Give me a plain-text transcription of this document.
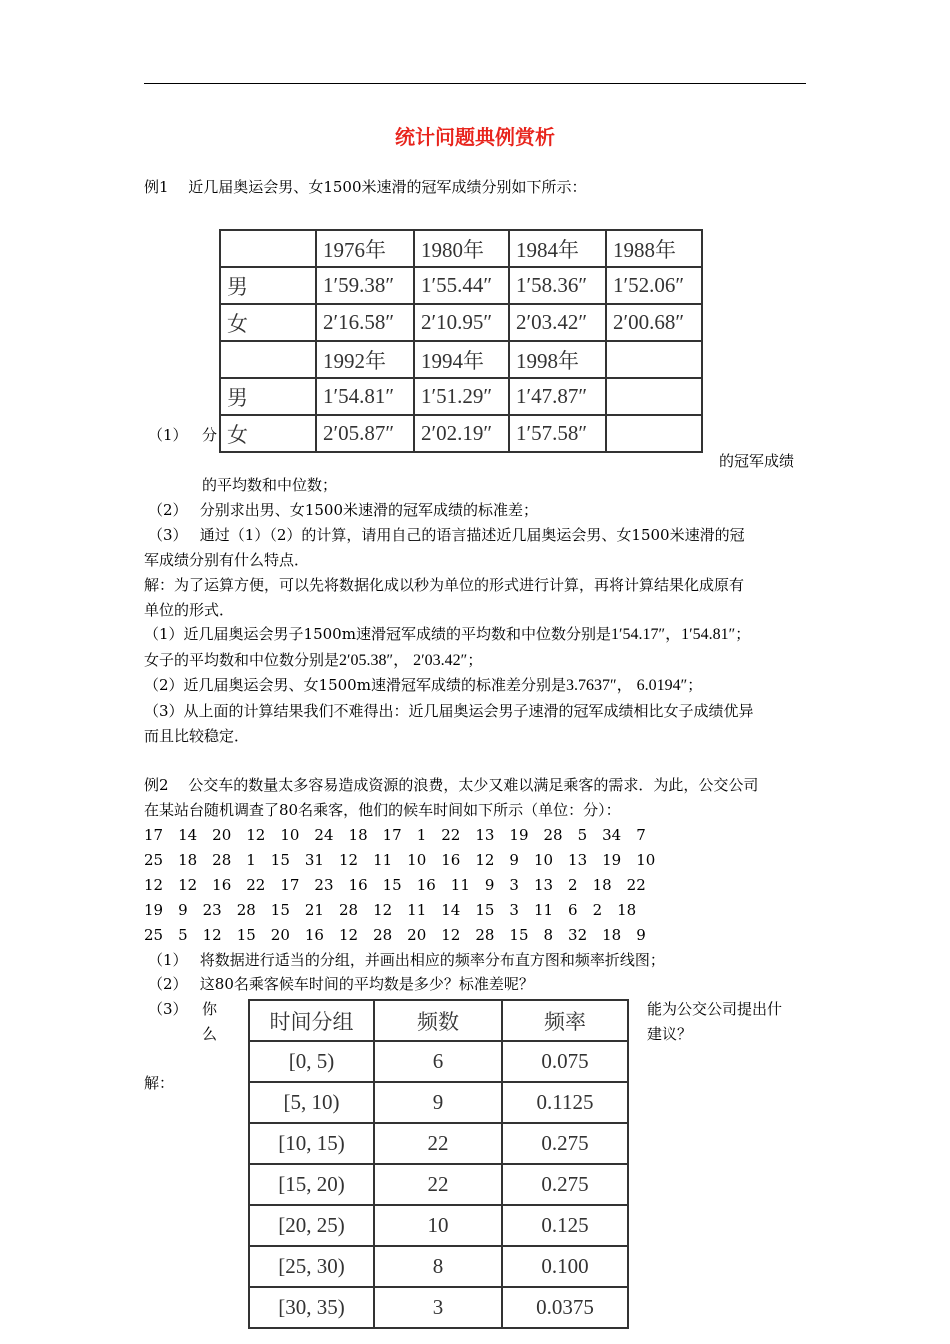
统计问题典例赏析
例1　 近几届奥运会男、女1500米速滑的冠军成绩分别如下所示：
	1976年	1980年	1984年	1988年
男	1′59.38″	1′55.44″	1′58.36″	1′52.06″
女	2′16.58″	2′10.95″	2′03.42″	2′00.68″
	1992年	1994年	1998年	
男	1′54.81″	1′51.29″	1′47.87″	
女	2′05.87″	2′02.19″	1′57.58″	
（1） 分
的冠军成绩
的平均数和中位数；
（2）　 分别求出男、女1500米速滑的冠军成绩的标准差；
（3）　 通过（1）（2）的计算，请用自己的语言描述近几届奥运会男、女1500米速滑的冠
军成绩分别有什么特点．
解：为了运算方便，可以先将数据化成以秒为单位的形式进行计算，再将计算结果化成原有
单位的形式．
（1）近几届奥运会男子1500m速滑冠军成绩的平均数和中位数分别是1′54.17″，1′54.81″；
女子的平均数和中位数分别是2′05.38″， 2′03.42″；
（2）近几届奥运会男、女1500m速滑冠军成绩的标准差分别是3.7637″， 6.0194″；
（3）从上面的计算结果我们不难得出：近几届奥运会男子速滑的冠军成绩相比女子成绩优异
而且比较稳定．
例2　 公交车的数量太多容易造成资源的浪费，太少又难以满足乘客的需求．为此，公交公司
在某站台随机调查了80名乘客，他们的候车时间如下所示（单位：分）：
17　14　20　12　10　24　18　17　1　22　13　19　28　5　34　7
25　18　28　1　15　31　12　11　10　16　12　9　10　13　19　10
12　12　16　22　17　23　16　15　16　11　9　3　13　2　18　22
19　9　23　28　15　21　28　12　11　14　15　3　11　6　2　18
25　5　12　15　20　16　12　28　20　12　28　15　8　32　18　9
（1）　 将数据进行适当的分组，并画出相应的频率分布直方图和频率折线图；
（2）　 这80名乘客候车时间的平均数是多少？标准差呢？
（3） 你
么
能为公交公司提出什
建议？
解：
时间分组	频数	频率
[0, 5)	6	0.075
[5, 10)	9	0.1125
[10, 15)	22	0.275
[15, 20)	22	0.275
[20, 25)	10	0.125
[25, 30)	8	0.100
[30, 35)	3	0.0375
